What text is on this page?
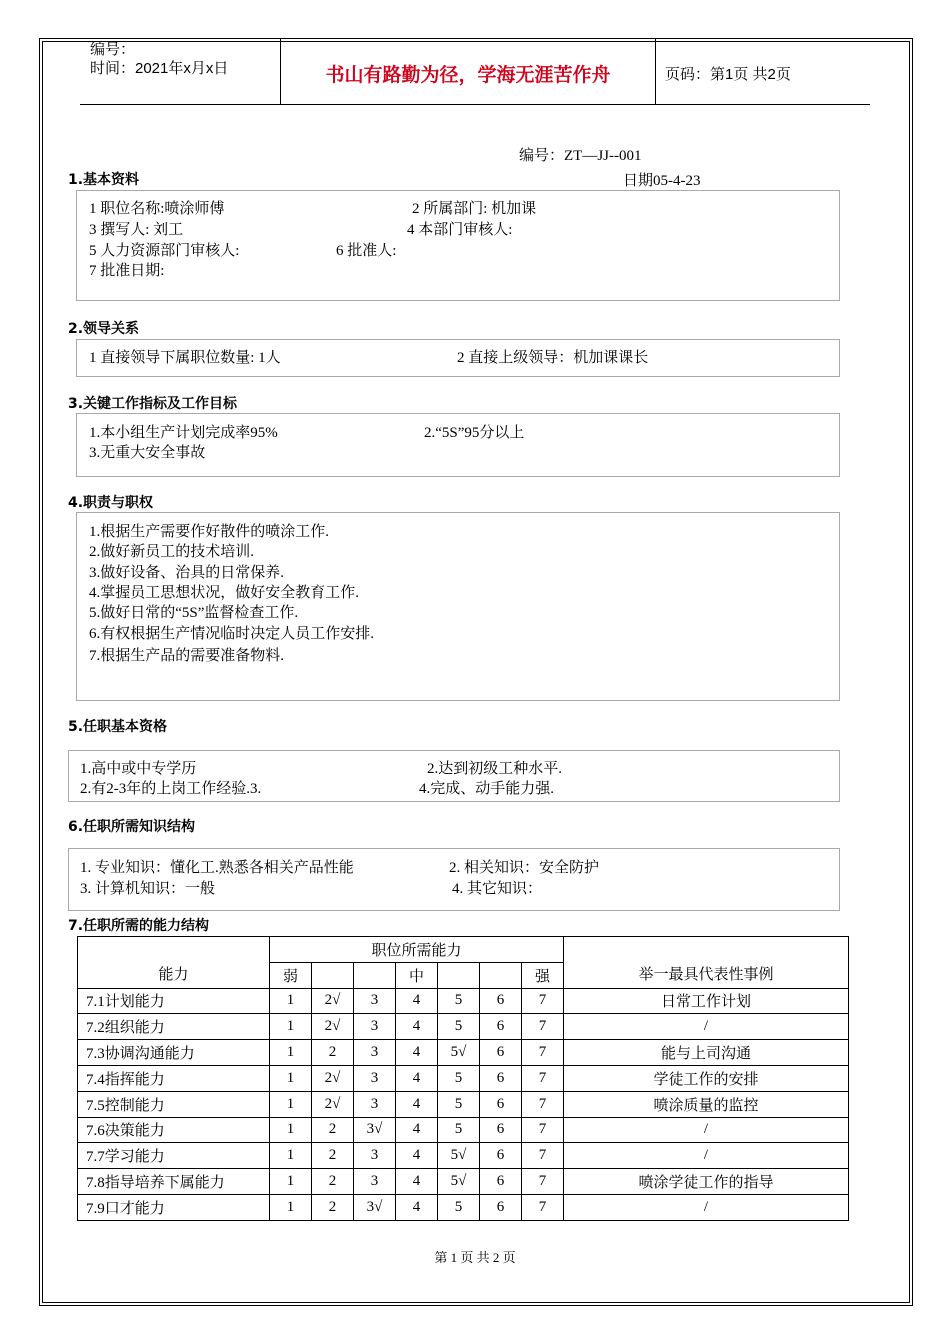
编号：
时间：2021年x月x日	书山有路勤为径，学海无涯苦作舟	页码：第1页 共2页
编号：ZT—JJ--001
日期05-4-23
1.基本资料
1 职位名称:喷涂师傅	2 所属部门: 机加课
3 撰写人: 刘工	4 本部门审核人:
5 人力资源部门审核人:	6 批准人:
7 批准日期:
2.领导关系
1 直接领导下属职位数量: 1人	2 直接上级领导：机加课课长
3.关键工作指标及工作目标
1.本小组生产计划完成率95%	2.“5S”95分以上
3.无重大安全事故
4.职责与职权
1.根据生产需要作好散件的喷涂工作.
2.做好新员工的技术培训.
3.做好设备、治具的日常保养.
4.掌握员工思想状况，做好安全教育工作.
5.做好日常的“5S”监督检查工作.
6.有权根据生产情况临时决定人员工作安排.
7.根据生产品的需要准备物料.
5.任职基本资格
1.高中或中专学历	2.达到初级工种水平.
2.有2-3年的上岗工作经验.3.	4.完成、动手能力强.
6.任职所需知识结构
1. 专业知识：懂化工.熟悉各相关产品性能	2. 相关知识：安全防护
3. 计算机知识：一般	4. 其它知识：
7.任职所需的能力结构
能力	职位所需能力							举一最具代表性事例
	弱			中			强	
7.1计划能力	1	2√	3	4	5	6	7	日常工作计划
7.2组织能力	1	2√	3	4	5	6	7	/
7.3协调沟通能力	1	2	3	4	5√	6	7	能与上司沟通
7.4指挥能力	1	2√	3	4	5	6	7	学徒工作的安排
7.5控制能力	1	2√	3	4	5	6	7	喷涂质量的监控
7.6决策能力	1	2	3√	4	5	6	7	/
7.7学习能力	1	2	3	4	5√	6	7	/
7.8指导培养下属能力	1	2	3	4	5√	6	7	喷涂学徒工作的指导
7.9口才能力	1	2	3√	4	5	6	7	/
第 1 页 共 2 页
